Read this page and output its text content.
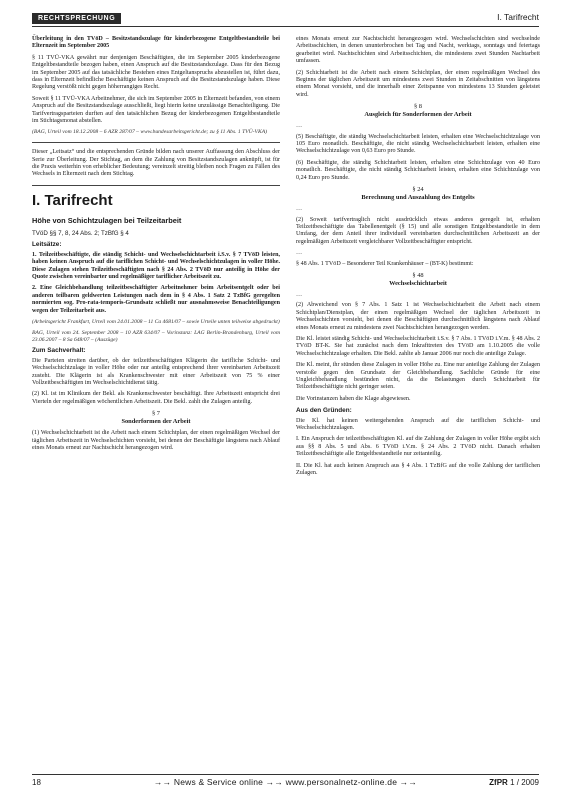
RECHTSPRECHUNG	I. Tarifrecht

Überleitung in den TVöD – Besitzstandszulage für kinderbezogene Entgeltbestandteile bei Elternzeit im September 2005

§ 11 TVÜ-VKA gewährt nur denjenigen Beschäftigten, die im September 2005 kinderbezogene Entgeltbestandteile bezogen haben, einen Anspruch auf die Besitzstandszulage. Dass für den Bezug im September 2005 auf das tatsächliche Bestehen eines Entgeltanspruchs abzustellen ist, führt dazu, dass in Elternzeit befindliche Beschäftigte keinen Anspruch auf die Besitzstandszulage haben. Diese Regelung verstößt nicht gegen höherrangiges Recht.

Soweit § 11 TVÜ-VKA Arbeitnehmer, die sich im September 2005 in Elternzeit befanden, von einem Anspruch auf die Besitzstandszulage ausschließt, liegt hierin keine unzulässige Benachteiligung. Die Tarifvertragsparteien durften auf den tatsächlichen Bezug der kinderbezogenen Entgeltbestandteile im Stichtagsmonat abstellen.

(BAG, Urteil vom 18.12.2008 – 6 AZR 287/07 – www.bundesarbeitsgericht.de; zu § 11 Abs. 1 TVÜ-VKA)

Dieser „Leitsatz“ und die entsprechenden Gründe bilden nach unserer Auffassung den Abschluss der Serie zur Überleitung. Der Stichtag, an dem die Zahlung von Besitzstandszulagen anknüpft, ist für die Praxis weiterhin von erheblicher Bedeutung; vereinzelt streitig bleiben noch Fragen zu Fällen des Wechsels in Elternzeit nach dem Stichtag.

I. Tarifrecht
Höhe von Schichtzulagen bei Teilzeitarbeit
TVöD §§ 7, 8, 24 Abs. 2; TzBfG § 4
Leitsätze:

1. Teilzeitbeschäftigte, die ständig Schicht- und Wechselschichtarbeit i.S.v. § 7 TVöD leisten, haben keinen Anspruch auf die tariflichen Schicht- und Wechselschichtzulagen in voller Höhe. Diese Zulagen stehen Teilzeitbeschäftigten nach § 24 Abs. 2 TVöD nur anteilig in Höhe der Quote zwischen vereinbarter und regelmäßiger tariflicher Arbeitszeit zu.

2. Eine Gleichbehandlung teilzeitbeschäftigter Arbeitnehmer beim Arbeitsentgelt oder bei anderen teilbaren geldwerten Leistungen nach dem in § 4 Abs. 1 Satz 2 TzBfG geregelten normierten sog. Pro-rata-temporis-Grundsatz schließt nur ausnahmsweise Benachteiligungen wegen der Teilzeitarbeit aus.

(Arbeitsgericht Frankfurt, Urteil vom 24.01.2008 – 11 Ca 4681/07 – sowie Urteile unten teilweise abgedruckt)

BAG, Urteil vom 24. September 2008 – 10 AZR 634/07 – Vorinstanz: LAG Berlin-Brandenburg, Urteil vom 23.06.2007 – 8 Sa 648/07 – (Auszüge)

Zum Sachverhalt:

Die Parteien streiten darüber, ob der teilzeitbeschäftigten Klägerin die tarifliche Schicht- und Wechselschichtzulage in voller Höhe oder nur anteilig entsprechend ihrer vereinbarten Arbeitszeit zusteht. Die Klägerin ist als Krankenschwester mit einer Arbeitszeit von 75 % einer Vollzeitbeschäftigten im Wechselschichtdienst tätig.

(2) Kl. ist im Klinikum der Bekl. als Krankenschwester beschäftigt. Ihre Arbeitszeit entspricht drei Vierteln der regelmäßigen wöchentlichen Arbeitszeit. Die Bekl. zahlt die Zulagen anteilig.

§ 7
Sonderformen der Arbeit

(1) Wechselschichtarbeit ist die Arbeit nach einem Schichtplan, der einen regelmäßigen Wechsel der täglichen Arbeitszeit in Wechselschichten vorsieht, bei denen der Beschäftigte längstens nach Ablauf eines Monats erneut zur Nachtschicht herangezogen wird.

eines Monats erneut zur Nachtschicht herangezogen wird. Wechselschichten sind wechselnde Arbeitsschichten, in denen ununterbrochen bei Tag und Nacht, werktags, sonntags und feiertags gearbeitet wird. Nachtschichten sind Arbeitsschichten, die mindestens zwei Stunden Nachtarbeit umfassen.

(2) Schichtarbeit ist die Arbeit nach einem Schichtplan, der einen regelmäßigen Wechsel des Beginns der täglichen Arbeitszeit um mindestens zwei Stunden in Zeitabschnitten von längstens einem Monat vorsieht, und die innerhalb einer Zeitspanne von mindestens 13 Stunden geleistet wird.

§ 8
Ausgleich für Sonderformen der Arbeit

…

(5) Beschäftigte, die ständig Wechselschichtarbeit leisten, erhalten eine Wechselschichtzulage von 105 Euro monatlich. Beschäftigte, die nicht ständig Wechselschichtarbeit leisten, erhalten eine Wechselschichtzulage von 0,63 Euro pro Stunde.

(6) Beschäftigte, die ständig Schichtarbeit leisten, erhalten eine Schichtzulage von 40 Euro monatlich. Beschäftigte, die nicht ständig Schichtarbeit leisten, erhalten eine Schichtzulage von 0,24 Euro pro Stunde.

§ 24
Berechnung und Auszahlung des Entgelts

…

(2) Soweit tarifvertraglich nicht ausdrücklich etwas anderes geregelt ist, erhalten Teilzeitbeschäftigte das Tabellenentgelt (§ 15) und alle sonstigen Entgeltbestandteile in dem Umfang, der dem Anteil ihrer individuell vereinbarten durchschnittlichen Arbeitszeit an der regelmäßigen Arbeitszeit vergleichbarer Vollzeitbeschäftigter entspricht.

…

§ 48 Abs. 1 TVöD – Besonderer Teil Krankenhäuser – (BT-K) bestimmt:

§ 48
Wechselschichtarbeit

…

(2) Abweichend von § 7 Abs. 1 Satz 1 ist Wechselschichtarbeit die Arbeit nach einem Schichtplan/Dienstplan, der einen regelmäßigen Wechsel der täglichen Arbeitszeit in Wechselschichten vorsieht, bei denen die Beschäftigten durchschnittlich längstens nach Ablauf eines Monats erneut zu mindestens zwei Nachtschichten herangezogen werden.

Die Kl. leistet ständig Schicht- und Wechselschichtarbeit i.S.v. § 7 Abs. 1 TVöD i.V.m. § 48 Abs. 2 TVöD BT-K. Sie hat zunächst nach dem Inkrafttreten des TVöD am 1.10.2005 die volle Wechselschichtzulage erhalten. Die Bekl. zahlte ab Januar 2006 nur noch die anteilige Zulage.

Die Kl. meint, ihr stünden diese Zulagen in voller Höhe zu. Eine nur anteilige Zahlung der Zulagen verstoße gegen den Grundsatz der Gleichbehandlung. Sachliche Gründe für eine Ungleichbehandlung bestünden nicht, da die Belastungen durch Schichtarbeit für Teilzeitbeschäftigte nicht geringer seien.

Die Vorinstanzen haben die Klage abgewiesen.

Aus den Gründen:

Die Kl. hat keinen weitergehenden Anspruch auf die tariflichen Schicht- und Wechselschichtzulagen.

I. Ein Anspruch der teilzeitbeschäftigten Kl. auf die Zahlung der Zulagen in voller Höhe ergibt sich aus §§ 8 Abs. 5 und Abs. 6 TVöD i.V.m. § 24 Abs. 2 TVöD nicht. Danach erhalten Teilzeitbeschäftigte alle Entgeltbestandteile nur zeitanteilig.

II. Die Kl. hat auch keinen Anspruch aus § 4 Abs. 1 TzBfG auf die volle Zahlung der tariflichen Zulagen.

18	→→ News & Service online →→ www.personalnetz-online.de →→	ZfPR 1 / 2009
